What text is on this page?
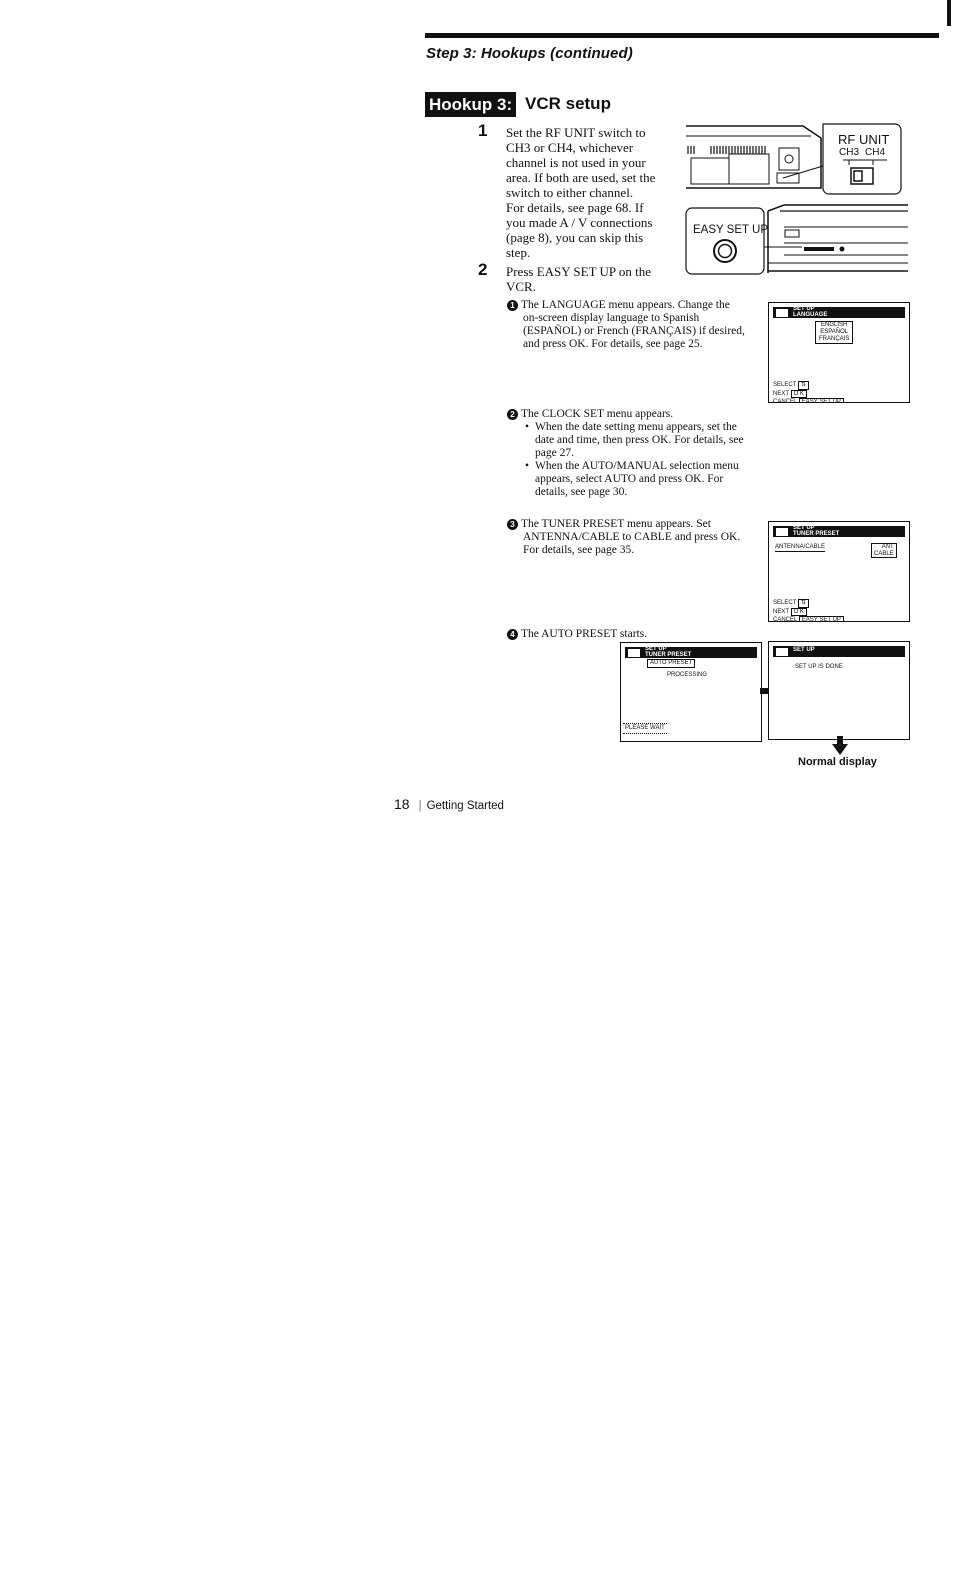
Step 3: Hookups (continued)
Hookup 3: VCR setup
1 Set the RF UNIT switch to
CH3 or CH4, whichever
channel is not used in your
area. If both are used, set the
switch to either channel.
For details, see page 68. If
you made A / V connections
(page 8), you can skip this
step.
2 Press EASY SET UP on the
VCR.
RF UNIT
CH3 CH4
EASY SET UP
1 The LANGUAGE menu appears. Change the
on-screen display language to Spanish
(ESPAÑOL) or French (FRANÇAIS) if desired,
and press OK. For details, see page 25.
SET UP
LANGUAGE
ENGLISH
ESPAÑOL
FRANÇAIS
SELECT ⇅
NEXT O K
CANCEL EASY SET UP
2 The CLOCK SET menu appears.
• When the date setting menu appears, set the
date and time, then press OK. For details, see
page 27.
• When the AUTO/MANUAL selection menu
appears, select AUTO and press OK. For
details, see page 30.
3 The TUNER PRESET menu appears. Set
ANTENNA/CABLE to CABLE and press OK.
For details, see page 35.
SET UP
TUNER PRESET
ANTENNA/CABLE	ANT
CABLE
SELECT ⇅
NEXT O K
CANCEL EASY SET UP
4 The AUTO PRESET starts.
SET UP
TUNER PRESET
AUTO PRESET
PROCESSING
PLEASE WAIT
SET UP
SET UP IS DONE
Normal display
18 | Getting Started
